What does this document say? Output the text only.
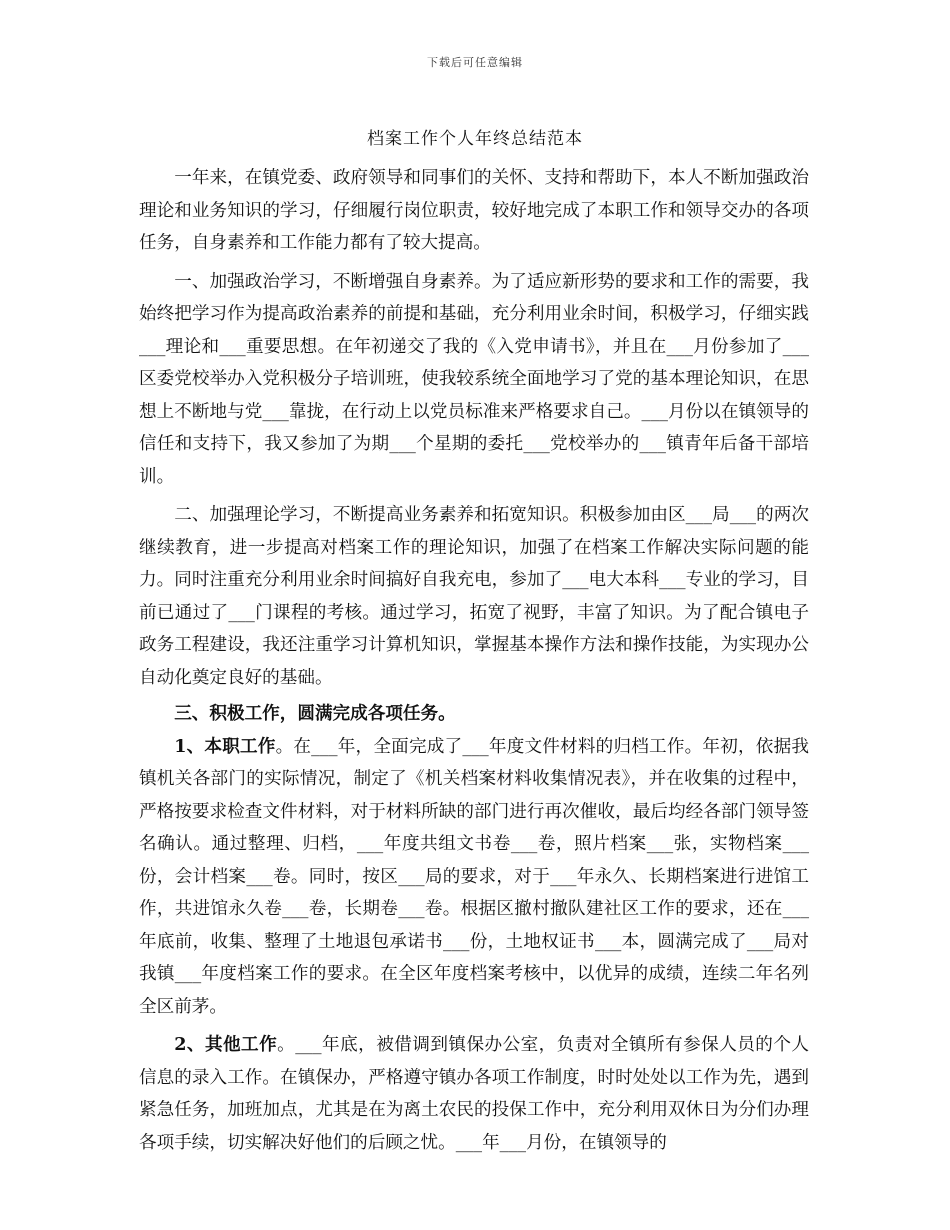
下载后可任意编辑
档案工作个人年终总结范本

一年来，在镇党委、政府领导和同事们的关怀、支持和帮助下，本人不断加强政治理论和业务知识的学习，仔细履行岗位职责，较好地完成了本职工作和领导交办的各项任务，自身素养和工作能力都有了较大提高。

一、加强政治学习，不断增强自身素养。为了适应新形势的要求和工作的需要，我始终把学习作为提高政治素养的前提和基础，充分利用业余时间，积极学习，仔细实践___理论和___重要思想。在年初递交了我的《入党申请书》，并且在___月份参加了___区委党校举办入党积极分子培训班，使我较系统全面地学习了党的基本理论知识，在思想上不断地与党___靠拢，在行动上以党员标准来严格要求自己。___月份以在镇领导的信任和支持下，我又参加了为期___个星期的委托___党校举办的___镇青年后备干部培训。

二、加强理论学习，不断提高业务素养和拓宽知识。积极参加由区___局___的两次继续教育，进一步提高对档案工作的理论知识，加强了在档案工作解决实际问题的能力。同时注重充分利用业余时间搞好自我充电，参加了___电大本科___专业的学习，目前已通过了___门课程的考核。通过学习，拓宽了视野，丰富了知识。为了配合镇电子政务工程建设，我还注重学习计算机知识，掌握基本操作方法和操作技能，为实现办公自动化奠定良好的基础。

三、积极工作，圆满完成各项任务。

1、本职工作。在___年，全面完成了___年度文件材料的归档工作。年初，依据我镇机关各部门的实际情况，制定了《机关档案材料收集情况表》，并在收集的过程中，严格按要求检查文件材料，对于材料所缺的部门进行再次催收，最后均经各部门领导签名确认。通过整理、归档，___年度共组文书卷___卷，照片档案___张，实物档案___份，会计档案___卷。同时，按区___局的要求，对于___年永久、长期档案进行进馆工作，共进馆永久卷___卷，长期卷___卷。根据区撤村撤队建社区工作的要求，还在___年底前，收集、整理了土地退包承诺书___份，土地权证书___本，圆满完成了___局对我镇___年度档案工作的要求。在全区年度档案考核中，以优异的成绩，连续二年名列全区前茅。

2、其他工作。___年底，被借调到镇保办公室，负责对全镇所有参保人员的个人信息的录入工作。在镇保办，严格遵守镇办各项工作制度，时时处处以工作为先，遇到紧急任务，加班加点，尤其是在为离土农民的投保工作中，充分利用双休日为分们办理各项手续，切实解决好他们的后顾之忧。___年___月份，在镇领导的
